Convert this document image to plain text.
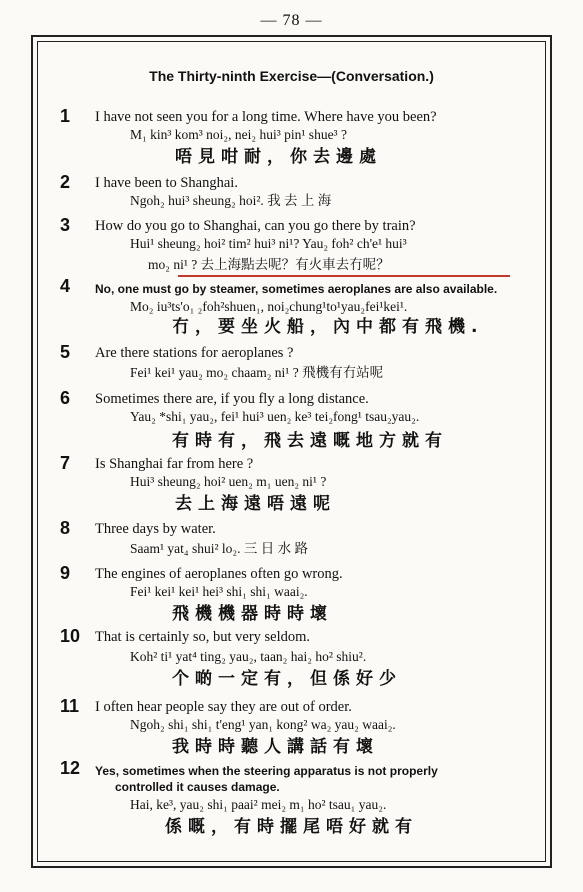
— 78 —
The Thirty-ninth Exercise—(Conversation.)
1	I have not seen you for a long time. Where have you been?
M₁ kin³ kom³ noi₂, nei₂ hui³ pin¹ shue³ ?
唔見咁耐，你去邊處
2	I have been to Shanghai.
Ngoh₂ hui³ sheung₂ hoi². 我 去 上 海
3	How do you go to Shanghai, can you go there by train?
Hui¹ sheung₂ hoi² tim² hui³ ni¹? Yau₂ foh² ch'e¹ hui³
mo₂ ni¹ ? 去上海點去呢？有火車去冇呢？
4	No, one must go by steamer, sometimes aeroplanes are also available.
Mo₂ iu³ts'o₁ ₂foh²shuen₁, noi₂chung¹to¹yau₂fei¹kei¹.
冇，要坐火船，內中都有飛機.
5	Are there stations for aeroplanes ?
Fei¹ kei¹ yau₂ mo₂ chaam₂ ni¹ ? 飛機有冇站呢
6	Sometimes there are, if you fly a long distance.
Yau₂ *shi₁ yau₂, fei¹ hui³ uen₂ ke³ tei₂fong¹ tsau₂yau₂.
有時有，飛去遠嘅地方就有
7	Is Shanghai far from here ?
Hui³ sheung₂ hoi² uen₂ m₁ uen₂ ni¹ ?
去上海遠唔遠呢
8	Three days by water.
Saam¹ yat₄ shui² lo₂. 三 日 水 路
9	The engines of aeroplanes often go wrong.
Fei¹ kei¹ kei¹ hei³ shi₁ shi₁ waai₂.
飛機機器時時壞
10	That is certainly so, but very seldom.
Koh² ti¹ yat⁴ ting₂ yau₂, taan₂ hai₂ ho² shiu².
个啲一定有，但係好少
11	I often hear people say they are out of order.
Ngoh₂ shi₁ shi₁ t'eng¹ yan₁ kong² wa₂ yau₂ waai₂.
我時時聽人講話有壞
12	Yes, sometimes when the steering apparatus is not properly
controlled it causes damage.
Hai, ke³, yau₂ shi₁ paai² mei₂ m₁ ho² tsau₁ yau₂.
係嘅，有時擺尾唔好就有
